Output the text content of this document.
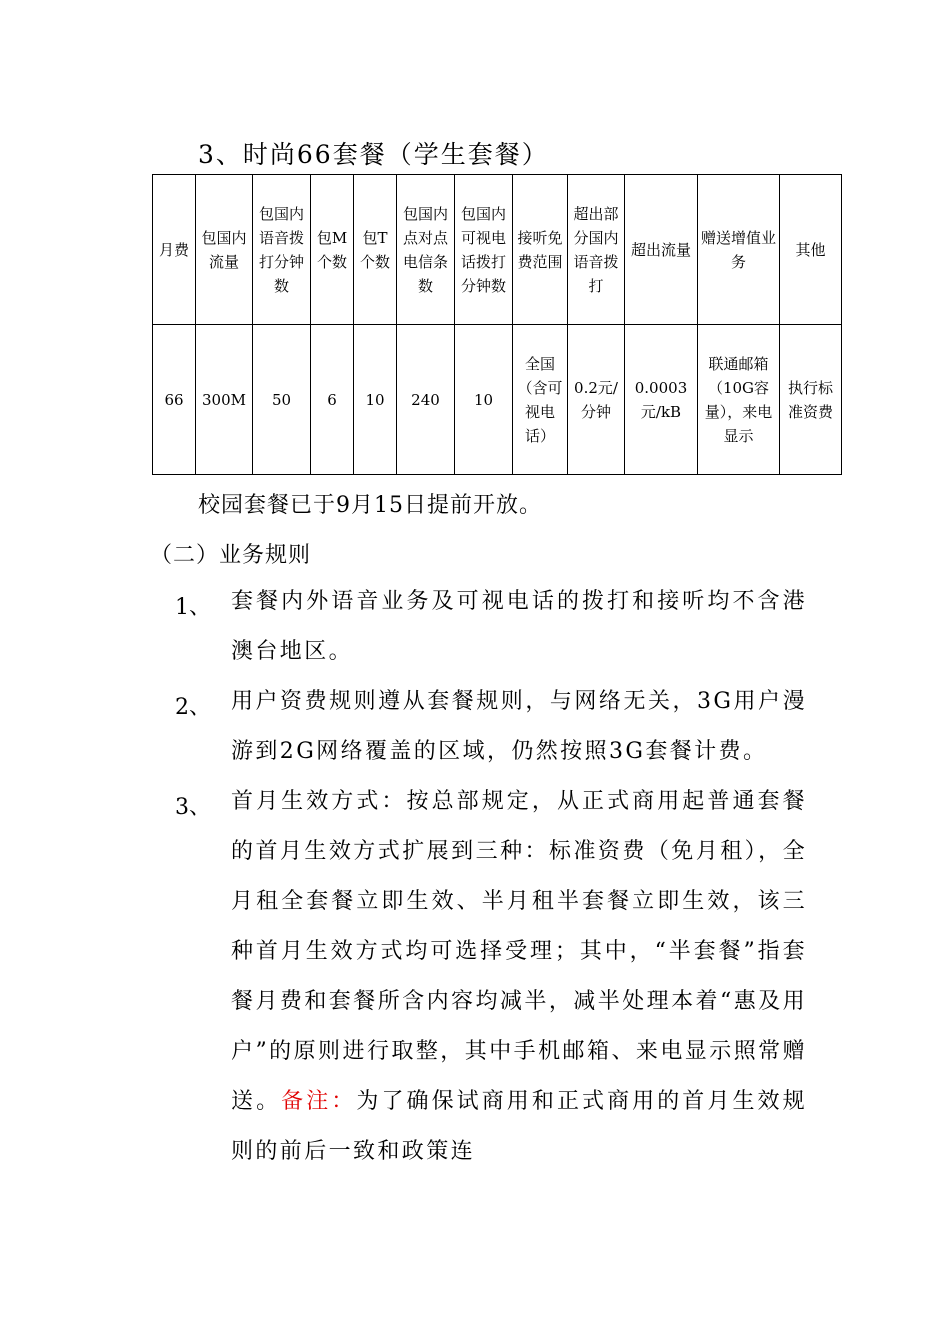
3、时尚66套餐（学生套餐）
月费	包国内流量	包国内语音拨打分钟数	包M个数	包T个数	包国内点对点电信条数	包国内可视电话拨打分钟数	接听免费范围	超出部分国内语音拨打	超出流量	赠送增值业务	其他
66	300M	50	6	10	240	10	全国（含可视电话）	0.2元/分钟	0.0003元/kB	联通邮箱（10G容量），来电显示	执行标准资费
校园套餐已于9月15日提前开放。
（二）业务规则
1、 套餐内外语音业务及可视电话的拨打和接听均不含港澳台地区。
2、 用户资费规则遵从套餐规则，与网络无关，3G用户漫游到2G网络覆盖的区域，仍然按照3G套餐计费。
3、 首月生效方式：按总部规定，从正式商用起普通套餐的首月生效方式扩展到三种：标准资费（免月租），全月租全套餐立即生效、半月租半套餐立即生效，该三种首月生效方式均可选择受理；其中，“半套餐”指套餐月费和套餐所含内容均减半，减半处理本着“惠及用户”的原则进行取整，其中手机邮箱、来电显示照常赠送。备注：为了确保试商用和正式商用的首月生效规则的前后一致和政策连
